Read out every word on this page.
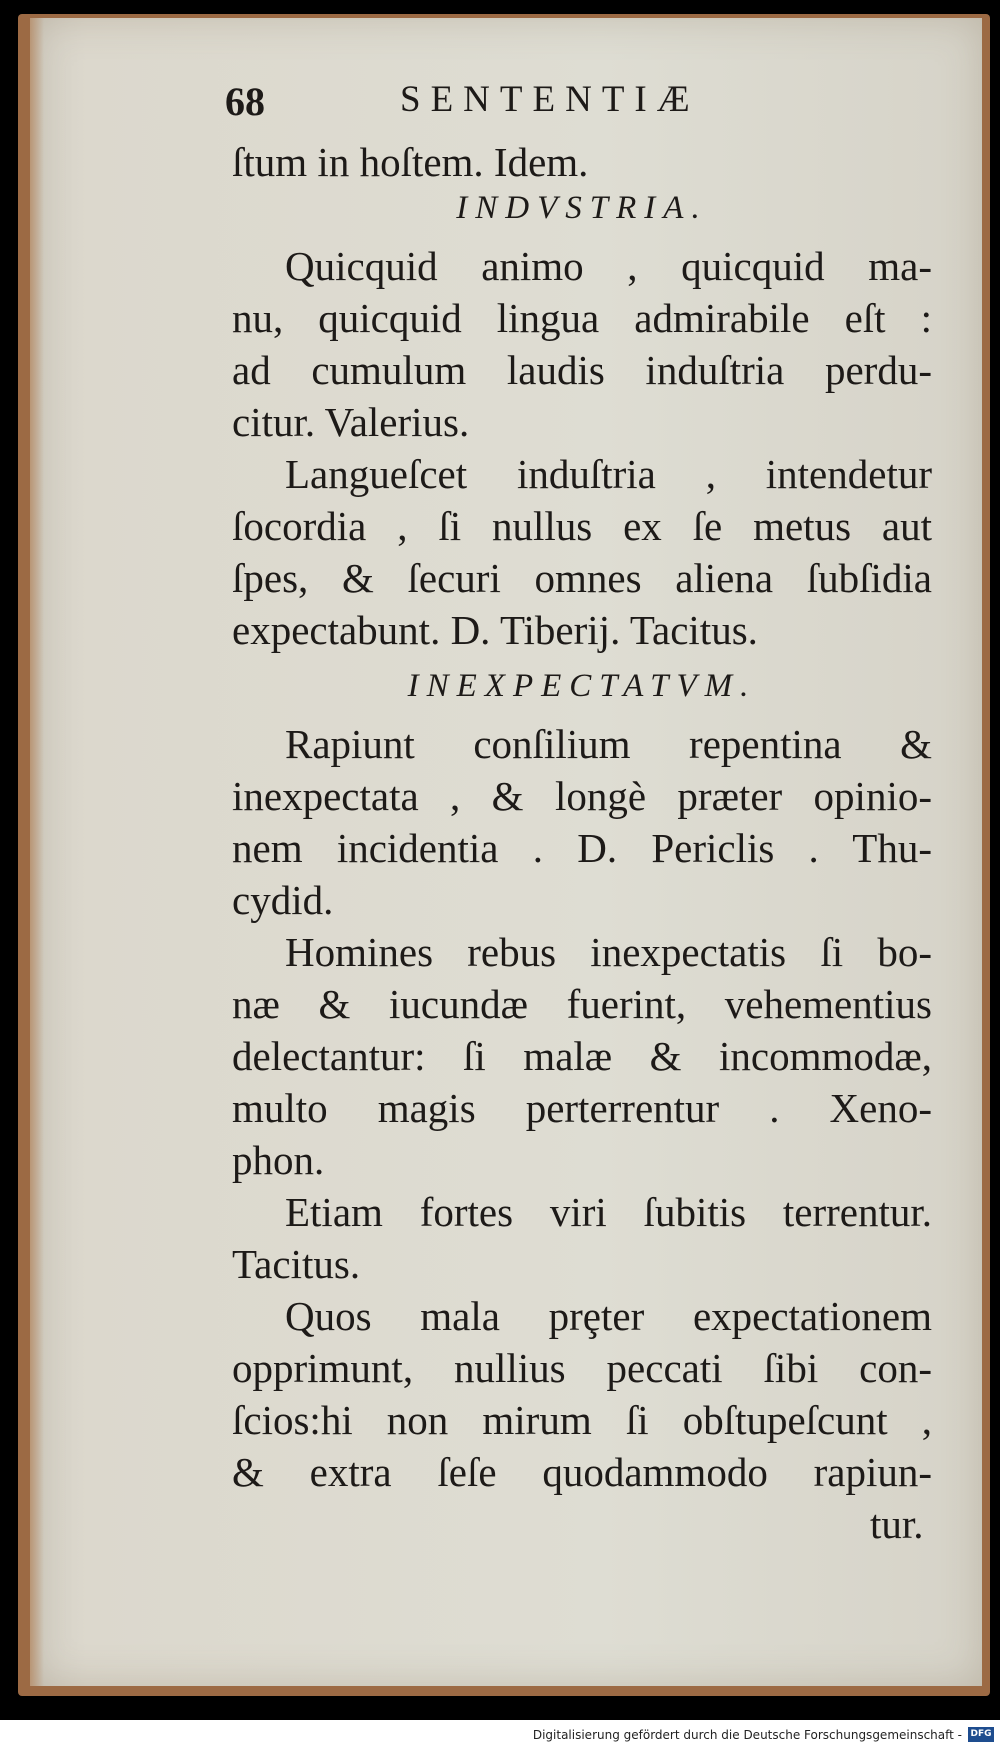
68	SENTENTIÆ
ſtum in hoſtem. Idem.
INDVSTRIA.
Quicquid animo , quicquid ma-
nu, quicquid lingua admirabile eſt :
ad cumulum laudis induſtria perdu-
citur. Valerius.
Langueſcet induſtria , intendetur
ſocordia , ſi nullus ex ſe metus aut
ſpes, & ſecuri omnes aliena ſubſidia
expectabunt. D. Tiberij. Tacitus.
INEXPECTATVM.
Rapiunt conſilium repentina &
inexpectata , & longè præter opinio-
nem incidentia . D. Periclis . Thu-
cydid.
Homines rebus inexpectatis ſi bo-
næ & iucundæ fuerint, vehementius
delectantur: ſi malæ & incommodæ,
multo magis perterrentur . Xeno-
phon.
Etiam fortes viri ſubitis terrentur.
Tacitus.
Quos mala prȩter expectationem
opprimunt, nullius peccati ſibi con-
ſcios:hi non mirum ſi obſtupeſcunt ,
& extra ſeſe quodammodo rapiun-
tur.
Digitalisierung gefördert durch die Deutsche Forschungsgemeinschaft - DFG
